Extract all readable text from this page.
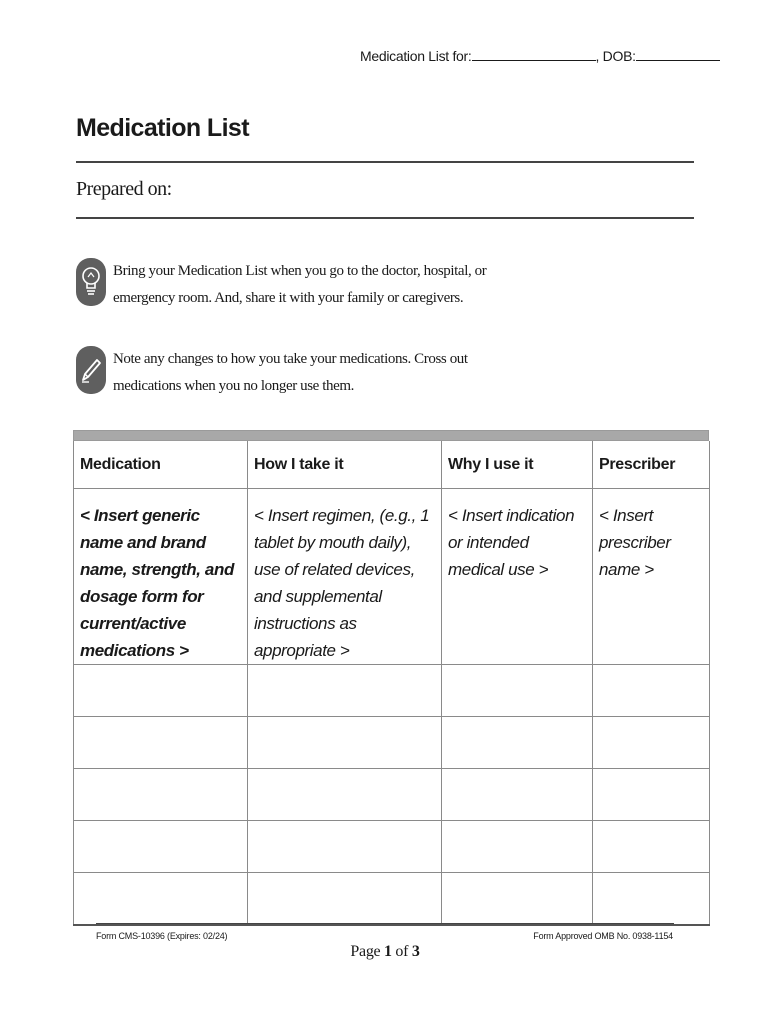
Medication List for:	, DOB:
Medication List
Prepared on:
Bring your Medication List when you go to the doctor, hospital, or emergency room. And, share it with your family or caregivers.
Note any changes to how you take your medications. Cross out medications when you no longer use them.
Medication	How I take it	Why I use it	Prescriber
< Insert generic name and brand name, strength, and dosage form for current/active medications >	< Insert regimen, (e.g., 1 tablet by mouth daily), use of related devices, and supplemental instructions as appropriate >	< Insert indication or intended medical use >	< Insert prescriber name >

Form CMS-10396 (Expires: 02/24)	Form Approved OMB No. 0938-1154
Page 1 of 3
